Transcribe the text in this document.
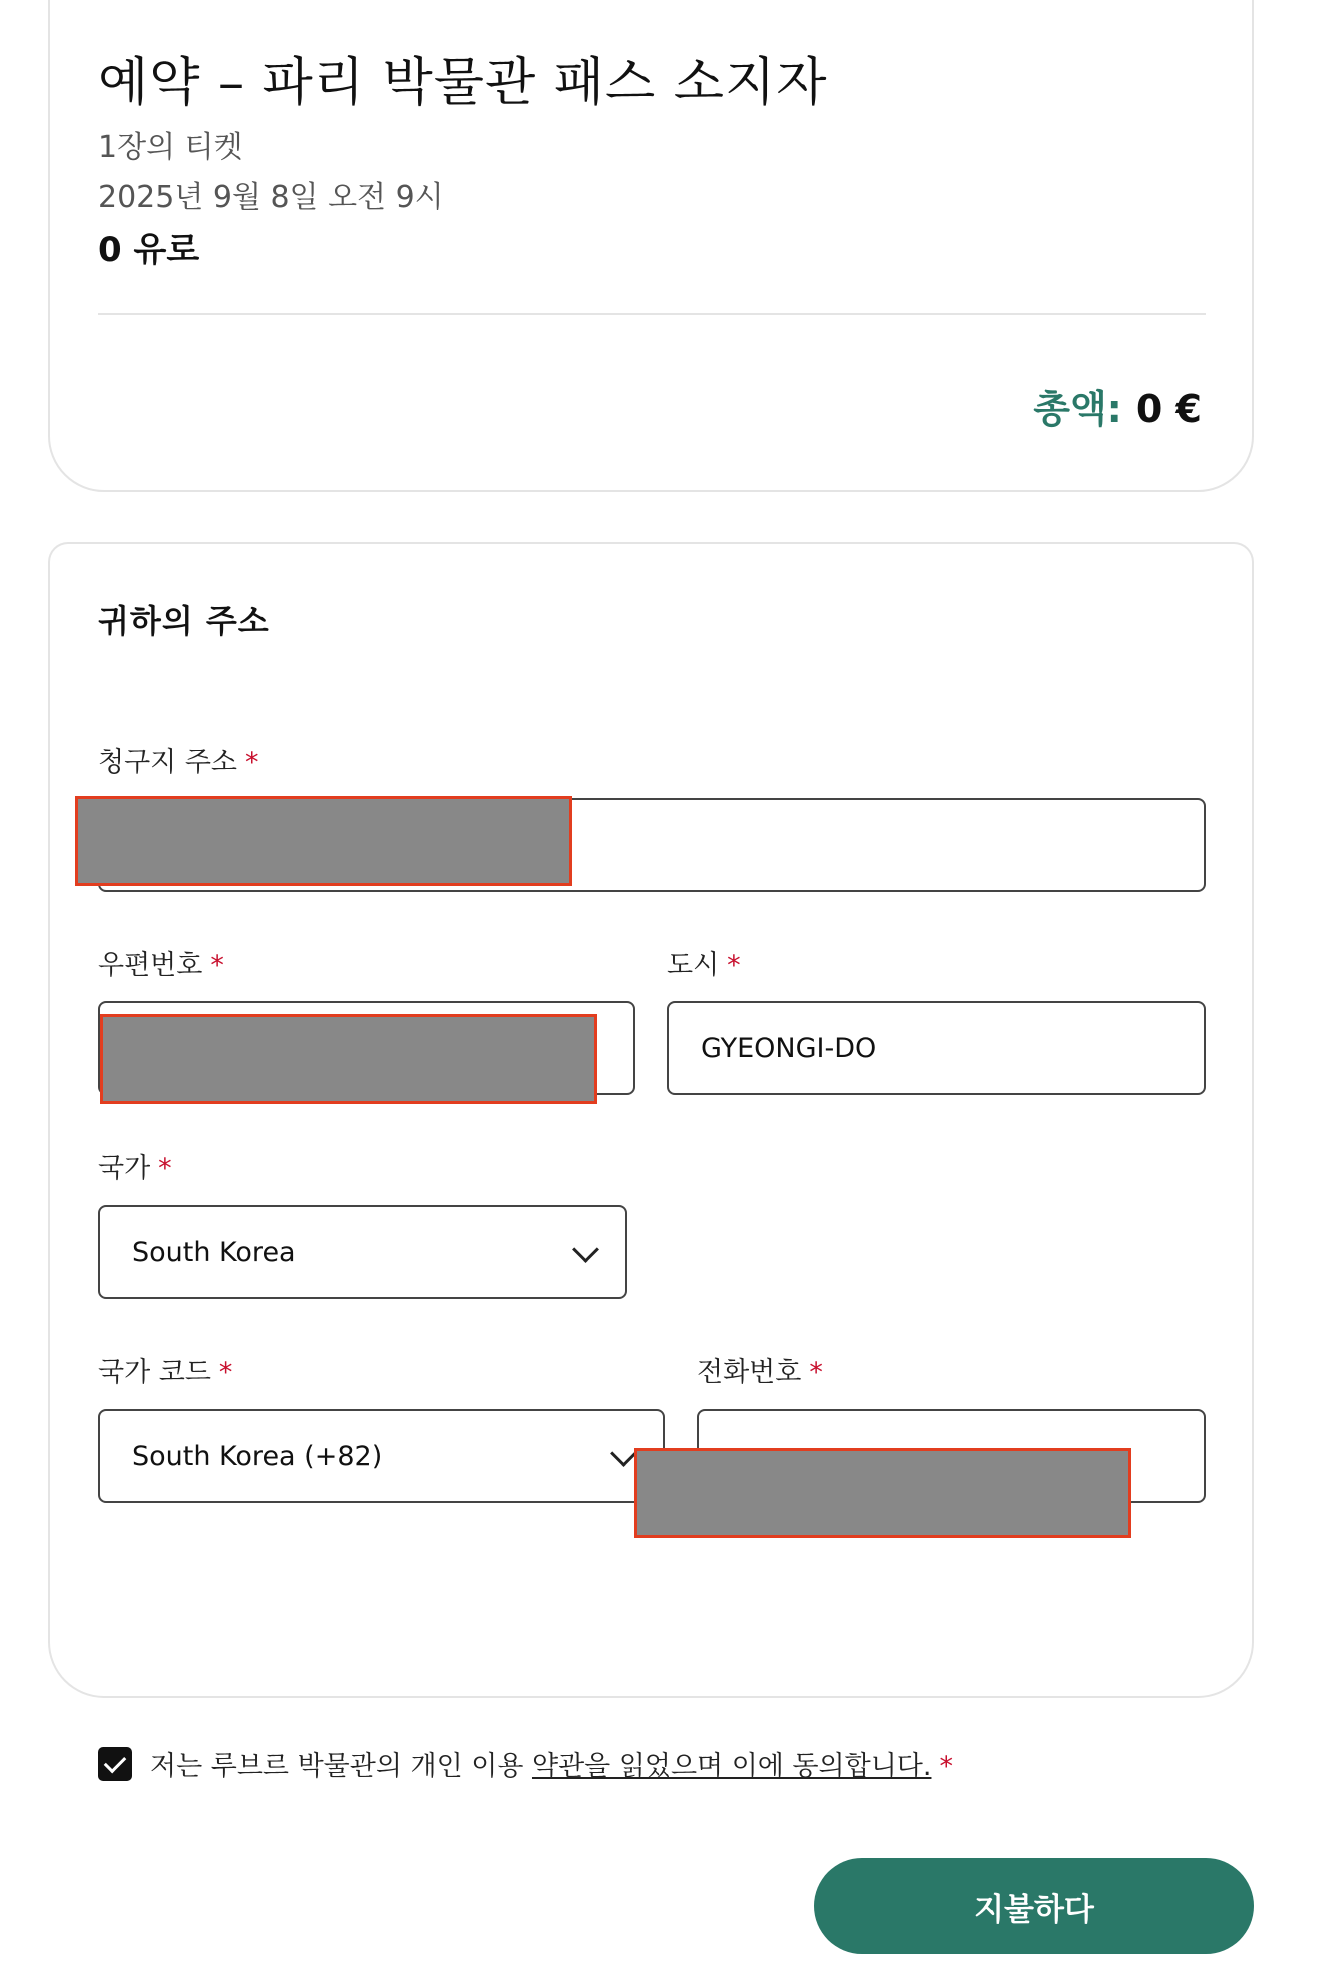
예약 – 파리 박물관 패스 소지자
1장의 티켓
2025년 9월 8일 오전 9시
0 유로
총액: 0 €
귀하의 주소
청구지 주소 *
우편번호 *	도시 *
GYEONGI-DO
국가 *
South Korea
국가 코드 *
South Korea (+82)
전화번호 *
저는 루브르 박물관의 개인 이용 약관을 읽었으며 이에 동의합니다. *
지불하다
